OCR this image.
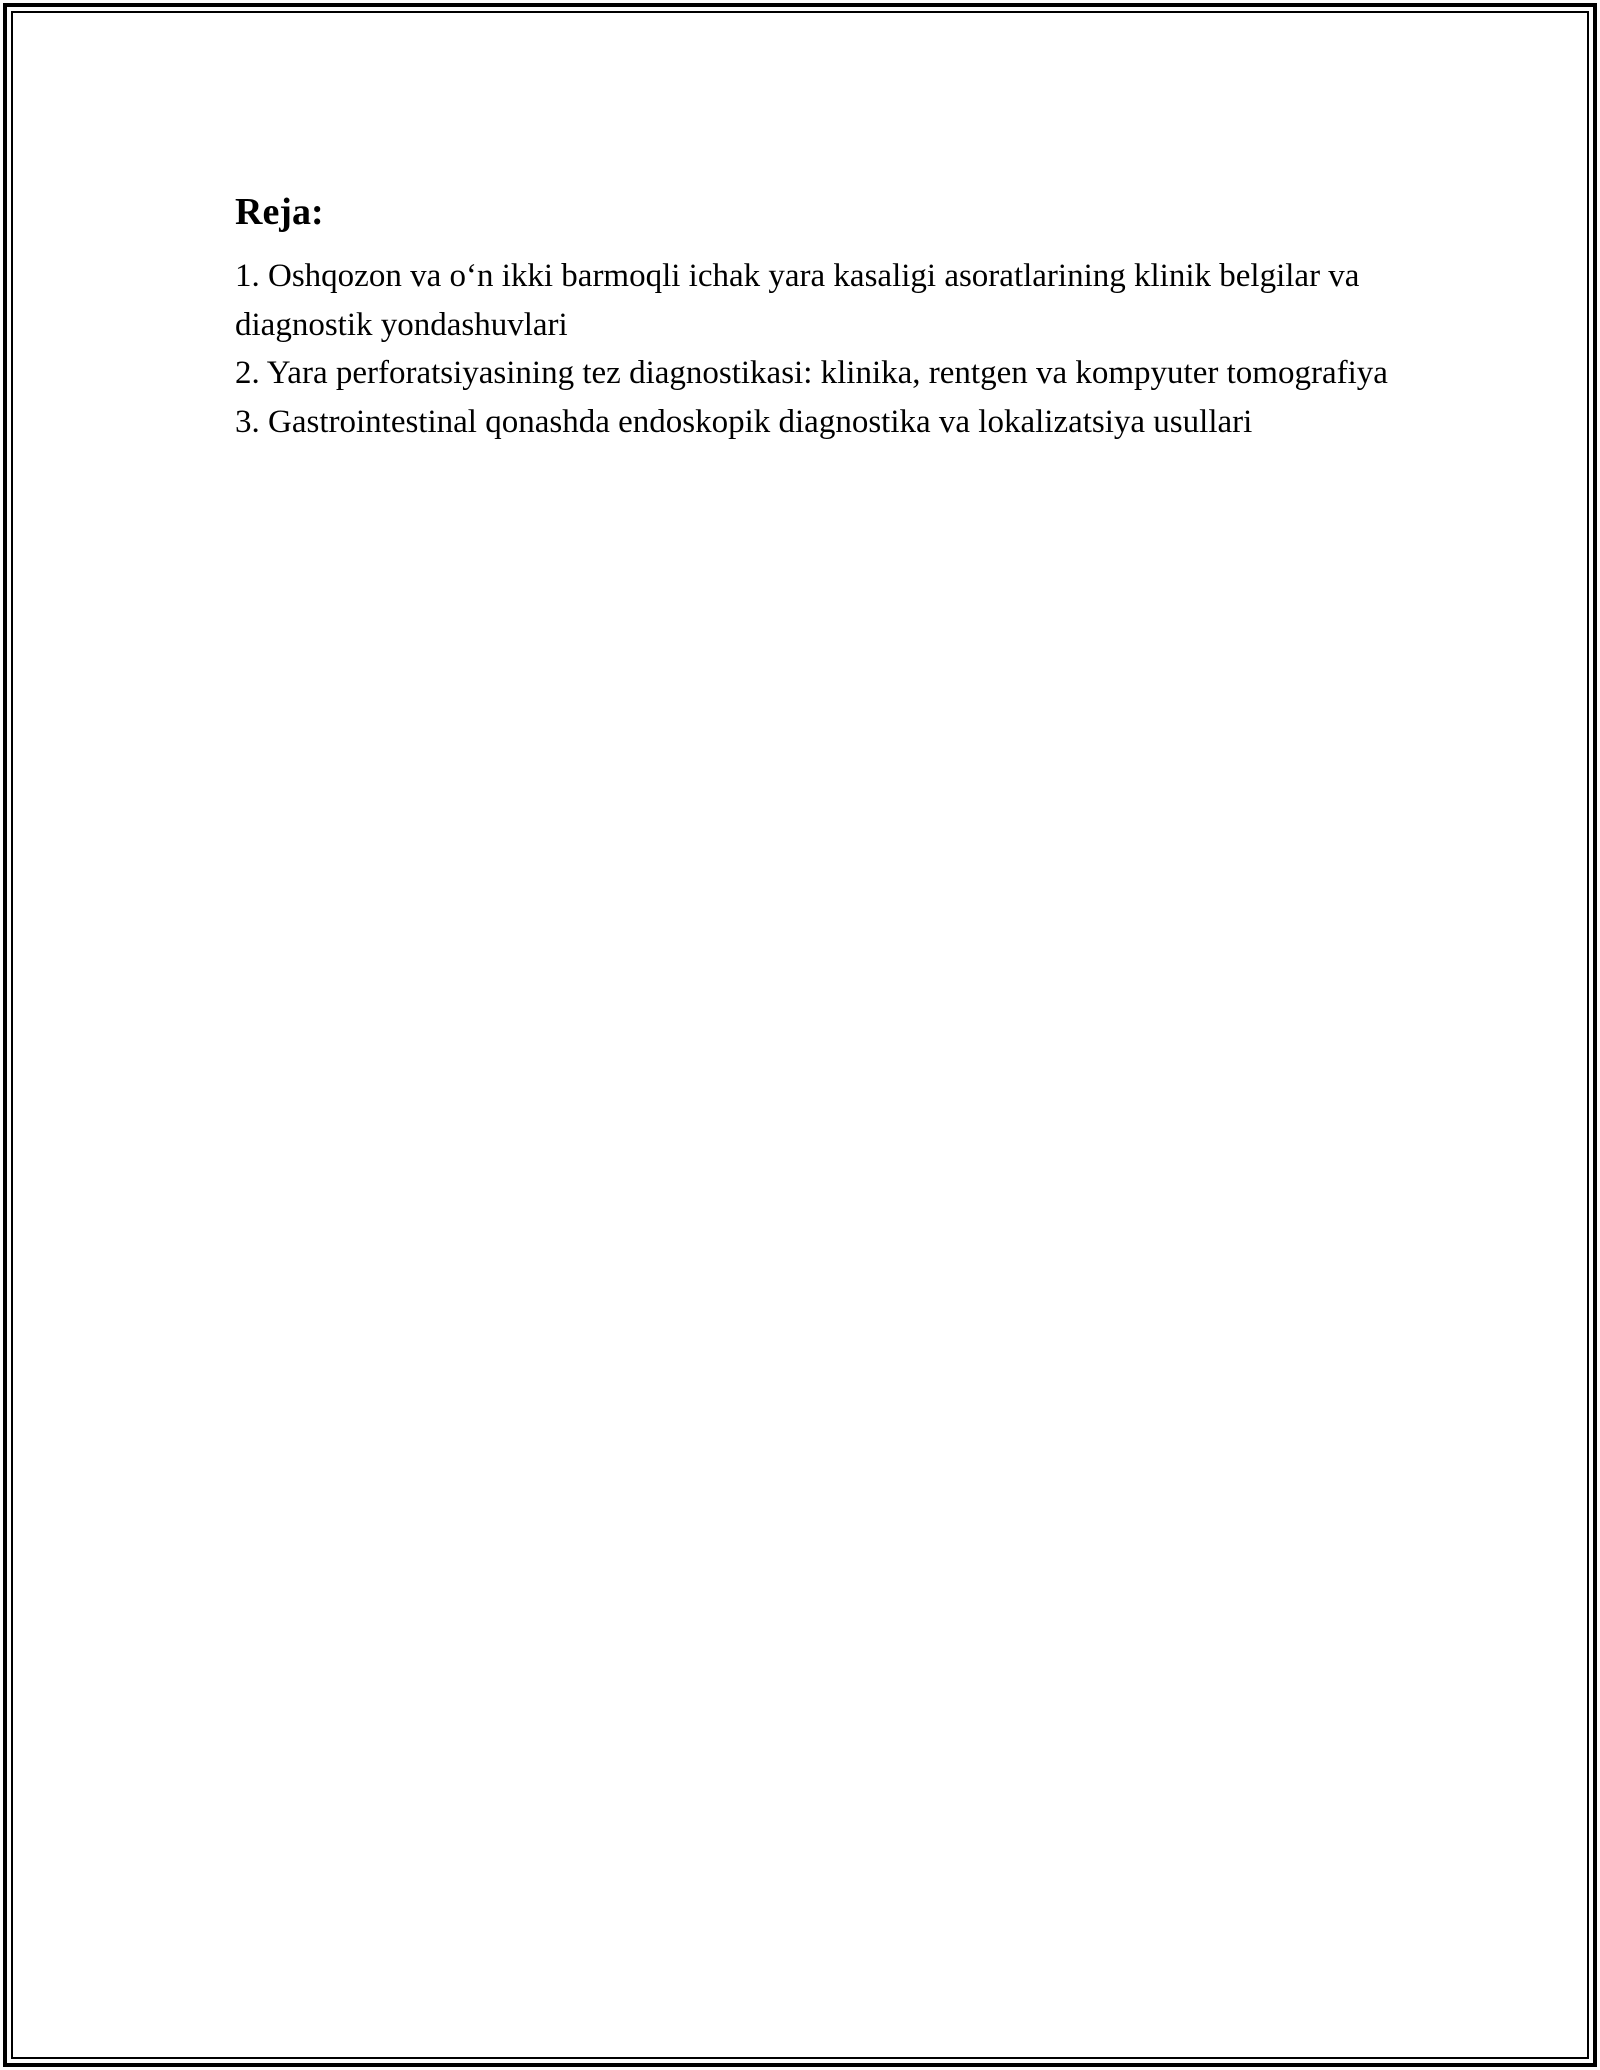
Reja:
1. Oshqozon va o‘n ikki barmoqli ichak yara kasaligi asoratlarining klinik belgilar va diagnostik yondashuvlari
2. Yara perforatsiyasining tez diagnostikasi: klinika, rentgen va kompyuter tomografiya
3. Gastrointestinal qonashda endoskopik diagnostika va lokalizatsiya usullari
